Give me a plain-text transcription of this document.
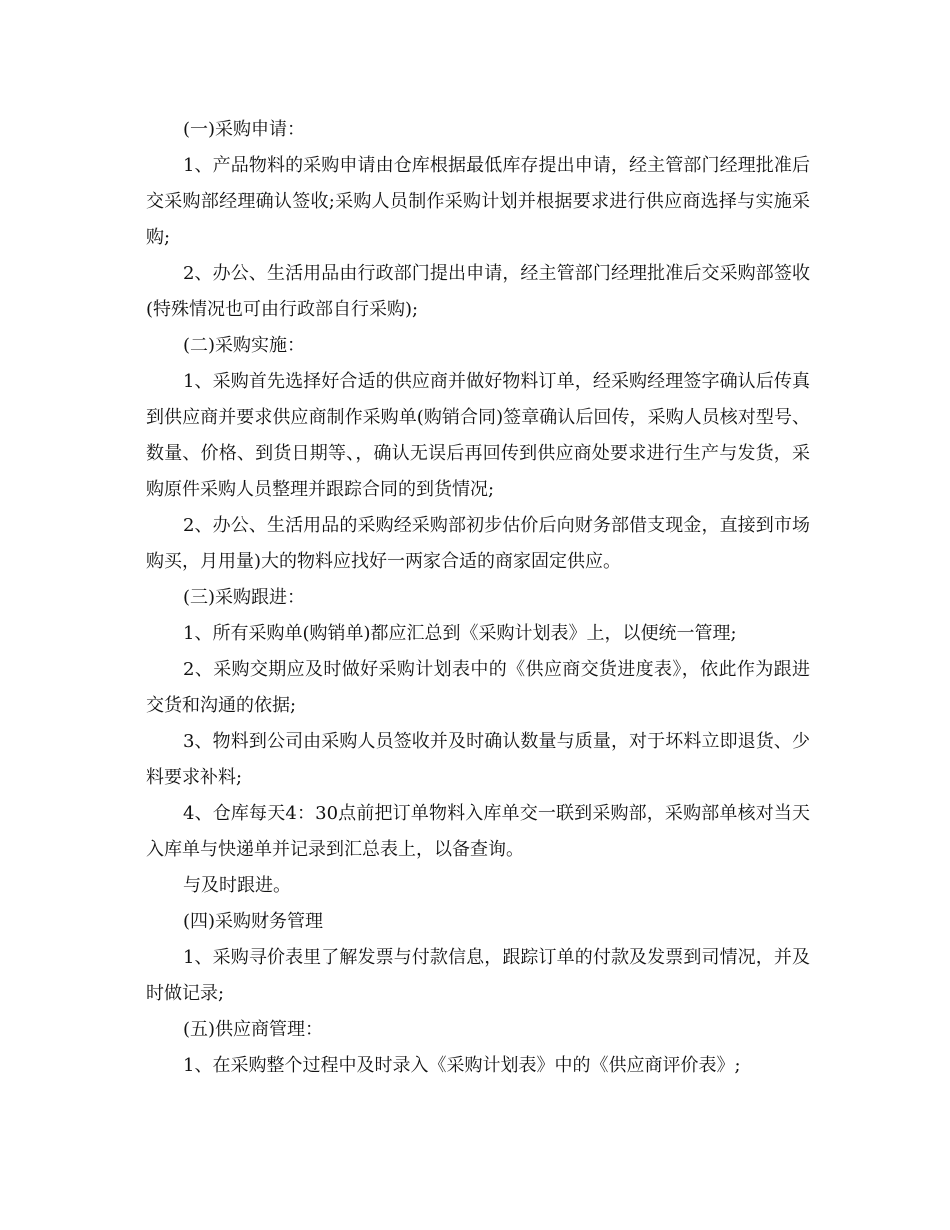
(一)采购申请：

1、产品物料的采购申请由仓库根据最低库存提出申请，经主管部门经理批准后交采购部经理确认签收;采购人员制作采购计划并根据要求进行供应商选择与实施采购;

2、办公、生活用品由行政部门提出申请，经主管部门经理批准后交采购部签收(特殊情况也可由行政部自行采购);

(二)采购实施：

1、采购首先选择好合适的供应商并做好物料订单，经采购经理签字确认后传真到供应商并要求供应商制作采购单(购销合同)签章确认后回传，采购人员核对型号、数量、价格、到货日期等、，确认无误后再回传到供应商处要求进行生产与发货，采购原件采购人员整理并跟踪合同的到货情况;

2、办公、生活用品的采购经采购部初步估价后向财务部借支现金，直接到市场购买，月用量)大的物料应找好一两家合适的商家固定供应。

(三)采购跟进：

1、所有采购单(购销单)都应汇总到《采购计划表》上，以便统一管理;

2、采购交期应及时做好采购计划表中的《供应商交货进度表》，依此作为跟进交货和沟通的依据;

3、物料到公司由采购人员签收并及时确认数量与质量，对于坏料立即退货、少料要求补料;

4、仓库每天4：30点前把订单物料入库单交一联到采购部，采购部单核对当天入库单与快递单并记录到汇总表上，以备查询。

与及时跟进。

(四)采购财务管理

1、采购寻价表里了解发票与付款信息，跟踪订单的付款及发票到司情况，并及时做记录;

(五)供应商管理：

1、在采购整个过程中及时录入《采购计划表》中的《供应商评价表》;
